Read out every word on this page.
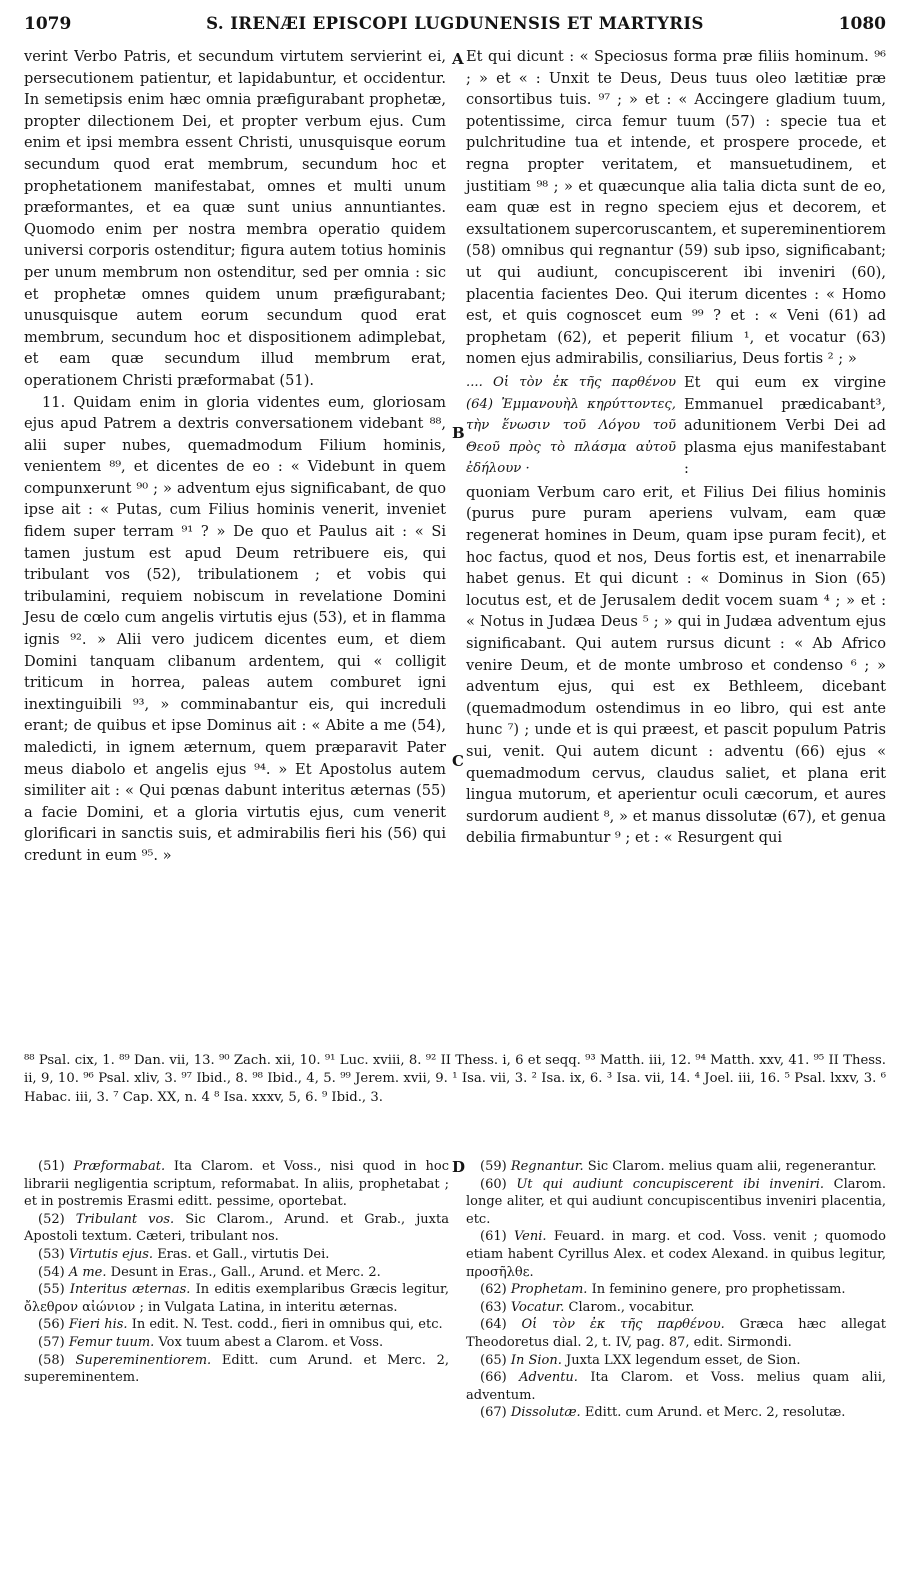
1079	S. IRENÆI EPISCOPI LUGDUNENSIS ET MARTYRIS	1080

verint Verbo Patris, et secundum virtutem servierint ei, persecutionem patientur, et lapidabuntur, et occidentur. In semetipsis enim hæc omnia præfigurabant prophetæ, propter dilectionem Dei, et propter verbum ejus. Cum enim et ipsi membra essent Christi, unusquisque eorum secundum quod erat membrum, secundum hoc et prophetationem manifestabat, omnes et multi unum præformantes, et ea quæ sunt unius annuntiantes. Quomodo enim per nostra membra operatio quidem universi corporis ostenditur; figura autem totius hominis per unum membrum non ostenditur, sed per omnia : sic et prophetæ omnes quidem unum præfigurabant; unusquisque autem eorum secundum quod erat membrum, secundum hoc et dispositionem adimplebat, et eam quæ secundum illud membrum erat, operationem Christi præformabat (51).

11. Quidam enim in gloria videntes eum, gloriosam ejus apud Patrem a dextris conversationem videbant ⁸⁸, alii super nubes, quemadmodum Filium hominis, venientem ⁸⁹, et dicentes de eo : « Videbunt in quem compunxerunt ⁹⁰ ; » adventum ejus significabant, de quo ipse ait : « Putas, cum Filius hominis venerit, inveniet fidem super terram ⁹¹ ? » De quo et Paulus ait : « Si tamen justum est apud Deum retribuere eis, qui tribulant vos (52), tribulationem ; et vobis qui tribulamini, requiem nobiscum in revelatione Domini Jesu de cœlo cum angelis virtutis ejus (53), et in flamma ignis ⁹². » Alii vero judicem dicentes eum, et diem Domini tanquam clibanum ardentem, qui « colligit triticum in horrea, paleas autem comburet igni inextinguibili ⁹³, » comminabantur eis, qui increduli erant; de quibus et ipse Dominus ait : « Abite a me (54), maledicti, in ignem æternum, quem præparavit Pater meus diabolo et angelis ejus ⁹⁴. » Et Apostolus autem similiter ait : « Qui pœnas dabunt interitus æternas (55) a facie Domini, et a gloria virtutis ejus, cum venerit glorificari in sanctis suis, et admirabilis fieri his (56) qui credunt in eum ⁹⁵. »

A
B
C
D

Et qui dicunt : « Speciosus forma præ filiis hominum. ⁹⁶ ; » et « : Unxit te Deus, Deus tuus oleo lætitiæ præ consortibus tuis. ⁹⁷ ; » et : « Accingere gladium tuum, potentissime, circa femur tuum (57) : specie tua et pulchritudine tua et intende, et prospere procede, et regna propter veritatem, et mansuetudinem, et justitiam ⁹⁸ ; » et quæcunque alia talia dicta sunt de eo, eam quæ est in regno speciem ejus et decorem, et exsultationem supercoruscantem, et supereminentiorem (58) omnibus qui regnantur (59) sub ipso, significabant; ut qui audiunt, concupiscerent ibi inveniri (60), placentia facientes Deo. Qui iterum dicentes : « Homo est, et quis cognoscet eum ⁹⁹ ? et : « Veni (61) ad prophetam (62), et peperit filium ¹, et vocatur (63) nomen ejus admirabilis, consiliarius, Deus fortis ² ; »

.... Οἱ τὸν ἐκ τῆς παρθένου (64) Ἐμμανουὴλ κηρύττοντες, τὴν ἕνωσιν τοῦ Λόγου τοῦ Θεοῦ πρὸς τὸ πλάσμα αὐτοῦ ἐδήλουν ·
Et qui eum ex virgine Emmanuel prædicabant³, adunitionem Verbi Dei ad plasma ejus manifestabant :

quoniam Verbum caro erit, et Filius Dei filius hominis (purus pure puram aperiens vulvam, eam quæ regenerat homines in Deum, quam ipse puram fecit), et hoc factus, quod et nos, Deus fortis est, et inenarrabile habet genus. Et qui dicunt : « Dominus in Sion (65) locutus est, et de Jerusalem dedit vocem suam ⁴ ; » et : « Notus in Judæa Deus ⁵ ; » qui in Judæa adventum ejus significabant. Qui autem rursus dicunt : « Ab Africo venire Deum, et de monte umbroso et condenso ⁶ ; » adventum ejus, qui est ex Bethleem, dicebant (quemadmodum ostendimus in eo libro, qui est ante hunc ⁷) ; unde et is qui præest, et pascit populum Patris sui, venit. Qui autem dicunt : adventu (66) ejus « quemadmodum cervus, claudus saliet, et plana erit lingua mutorum, et aperientur oculi cæcorum, et aures surdorum audient ⁸, » et manus dissolutæ (67), et genua debilia firmabuntur ⁹ ; et : « Resurgent qui

⁸⁸ Psal. cix, 1. ⁸⁹ Dan. vii, 13. ⁹⁰ Zach. xii, 10. ⁹¹ Luc. xviii, 8. ⁹² II Thess. i, 6 et seqq. ⁹³ Matth. iii, 12. ⁹⁴ Matth. xxv, 41. ⁹⁵ II Thess. ii, 9, 10. ⁹⁶ Psal. xliv, 3. ⁹⁷ Ibid., 8. ⁹⁸ Ibid., 4, 5. ⁹⁹ Jerem. xvii, 9. ¹ Isa. vii, 3. ² Isa. ix, 6. ³ Isa. vii, 14. ⁴ Joel. iii, 16. ⁵ Psal. lxxv, 3. ⁶ Habac. iii, 3. ⁷ Cap. XX, n. 4 ⁸ Isa. xxxv, 5, 6. ⁹ Ibid., 3.

(51) Præformabat. Ita Clarom. et Voss., nisi quod in hoc librarii negligentia scriptum, reformabat. In aliis, prophetabat ; et in postremis Erasmi editt. pessime, oportebat.

(52) Tribulant vos. Sic Clarom., Arund. et Grab., juxta Apostoli textum. Cæteri, tribulant nos.

(53) Virtutis ejus. Eras. et Gall., virtutis Dei.

(54) A me. Desunt in Eras., Gall., Arund. et Merc. 2.

(55) Interitus æternas. In editis exemplaribus Græcis legitur, ὄλεθρον αἰώνιον ; in Vulgata Latina, in interitu æternas.

(56) Fieri his. In edit. N. Test. codd., fieri in omnibus qui, etc.

(57) Femur tuum. Vox tuum abest a Clarom. et Voss.

(58) Supereminentiorem. Editt. cum Arund. et Merc. 2, supereminentem.

(59) Regnantur. Sic Clarom. melius quam alii, regenerantur.

(60) Ut qui audiunt concupiscerent ibi inveniri. Clarom. longe aliter, et qui audiunt concupiscentibus inveniri placentia, etc.

(61) Veni. Feuard. in marg. et cod. Voss. venit ; quomodo etiam habent Cyrillus Alex. et codex Alexand. in quibus legitur, προσῆλθε.

(62) Prophetam. In feminino genere, pro prophetissam.

(63) Vocatur. Clarom., vocabitur.

(64) Οἱ τὸν ἐκ τῆς παρθένου. Græca hæc allegat Theodoretus dial. 2, t. IV, pag. 87, edit. Sirmondi.

(65) In Sion. Juxta LXX legendum esset, de Sion.

(66) Adventu. Ita Clarom. et Voss. melius quam alii, adventum.

(67) Dissolutæ. Editt. cum Arund. et Merc. 2, resolutæ.
